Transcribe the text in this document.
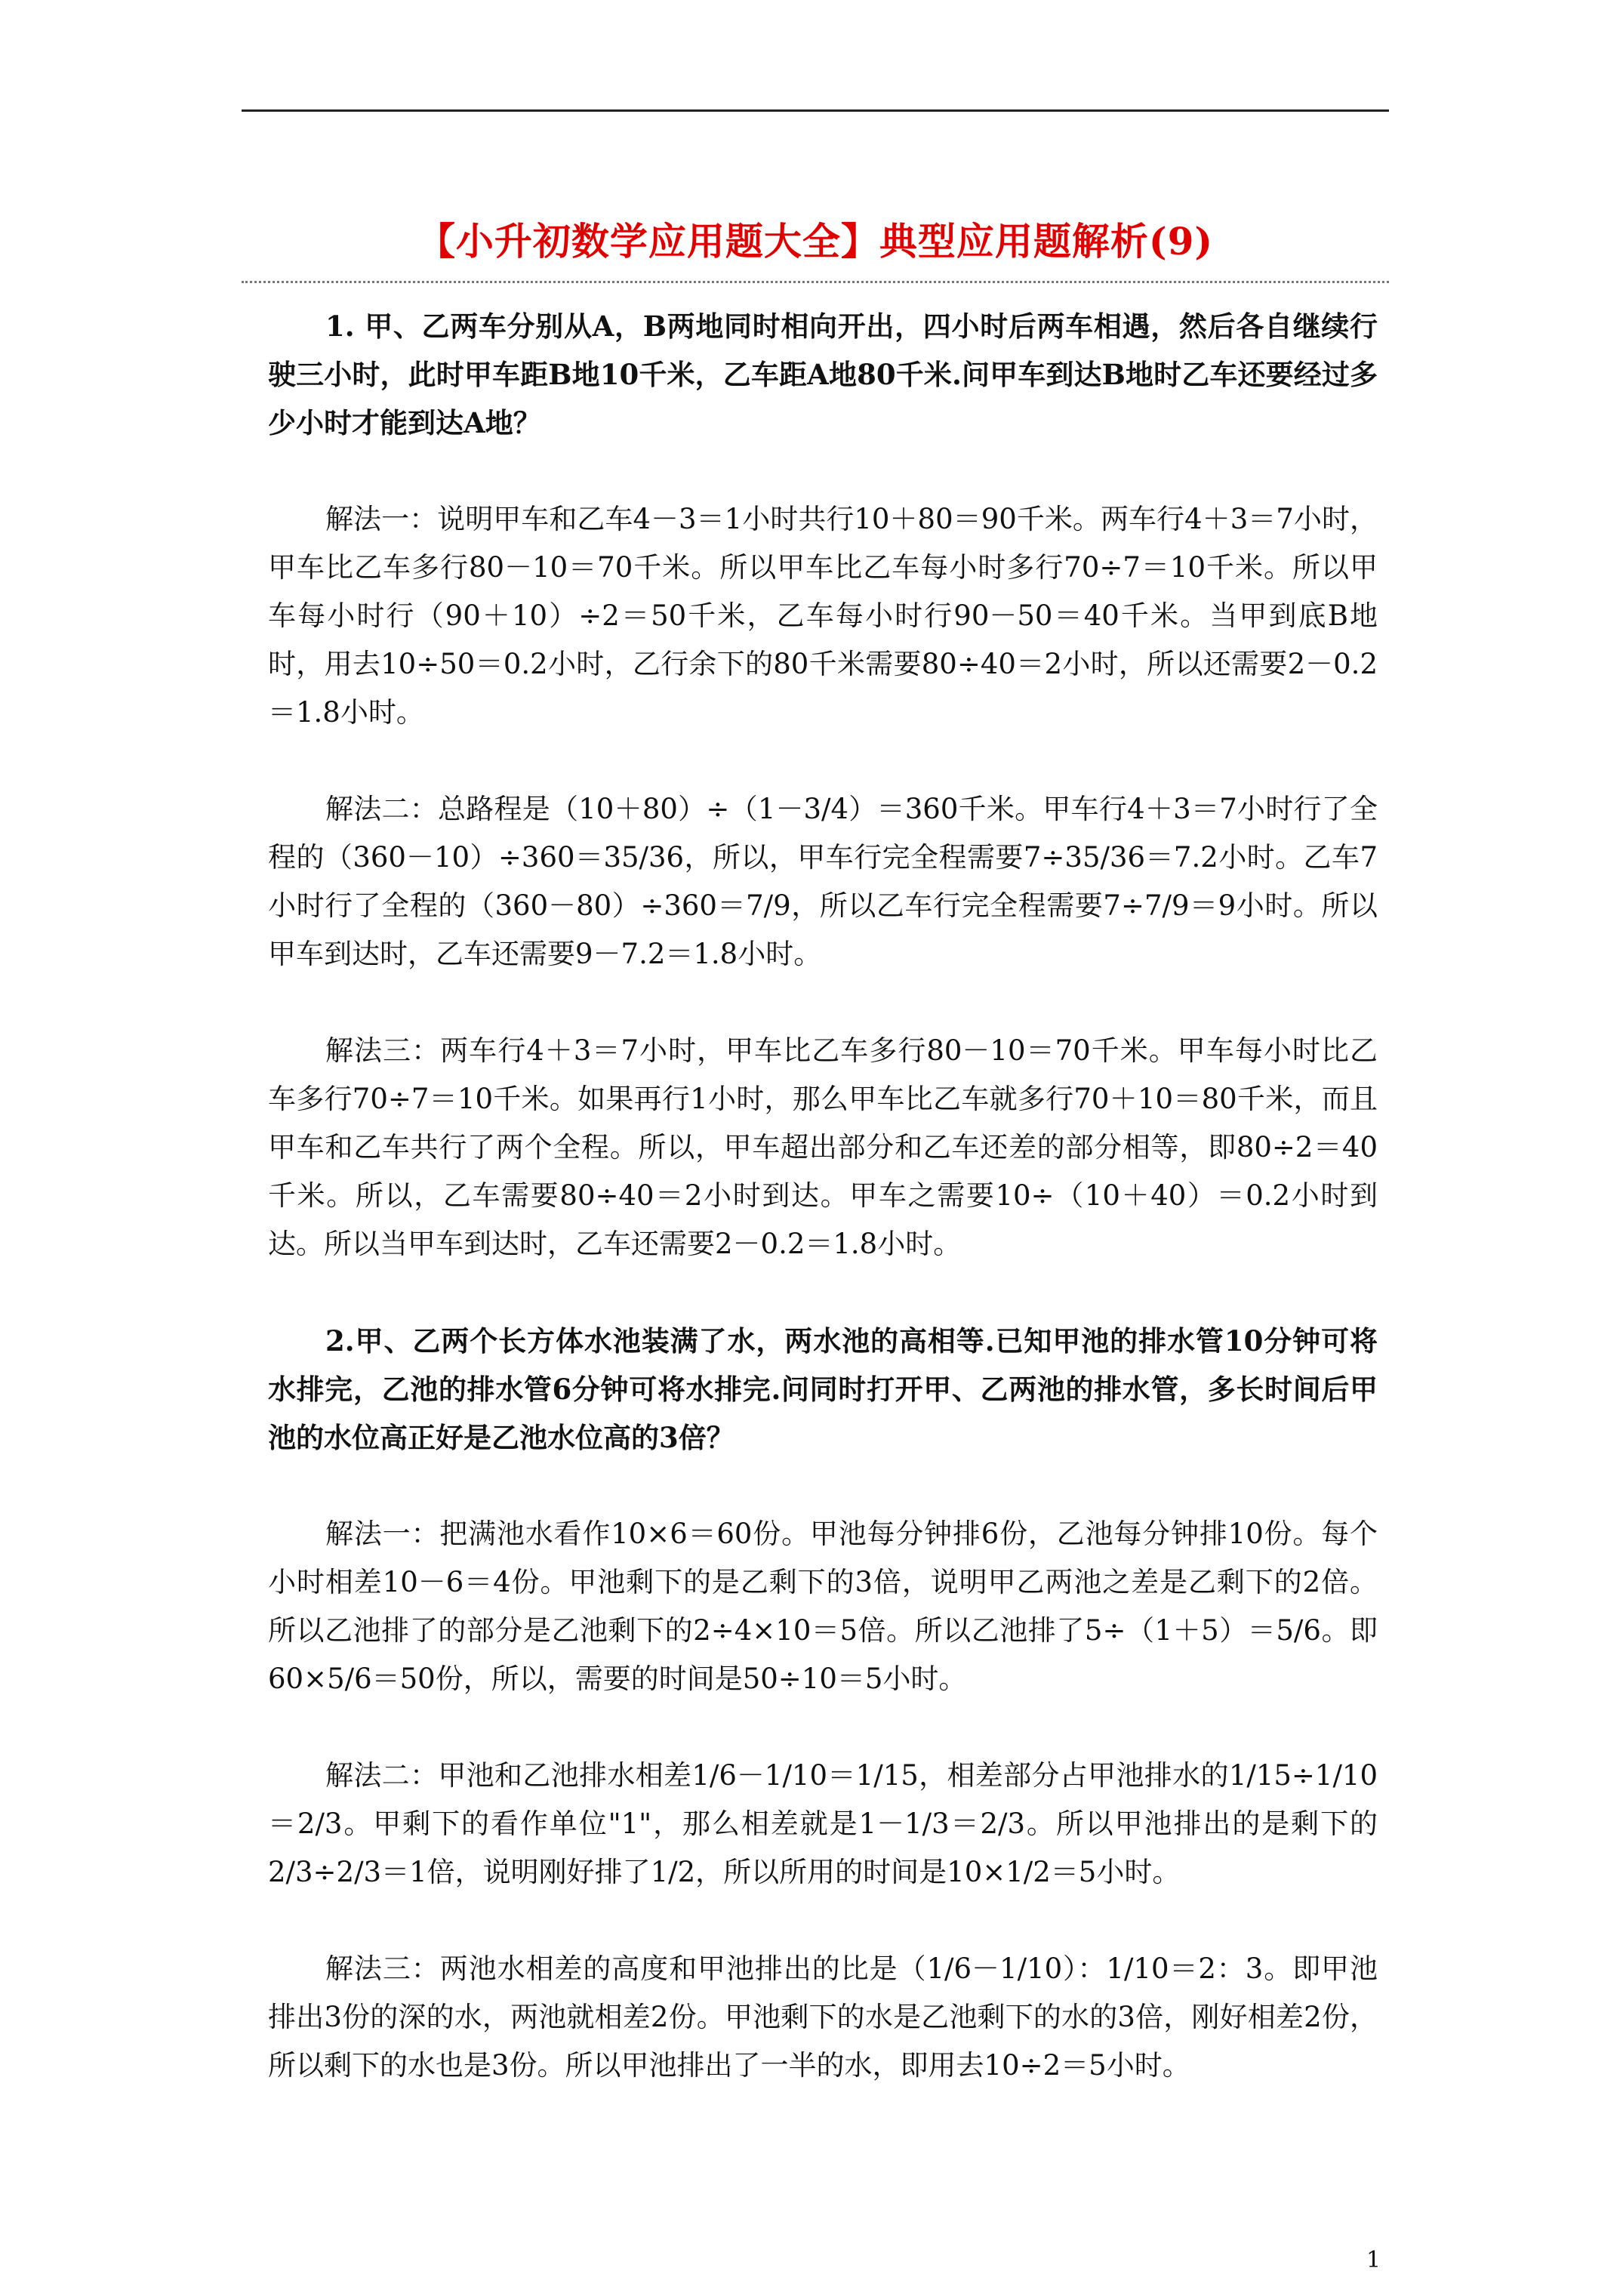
【小升初数学应用题大全】典型应用题解析(9)

1. 甲、乙两车分别从A，B两地同时相向开出，四小时后两车相遇，然后各自继续行驶三小时，此时甲车距B地10千米，乙车距A地80千米.问甲车到达B地时乙车还要经过多少小时才能到达A地？

解法一：说明甲车和乙车4－3＝1小时共行10＋80＝90千米。两车行4＋3＝7小时，甲车比乙车多行80－10＝70千米。所以甲车比乙车每小时多行70÷7＝10千米。所以甲车每小时行（90＋10）÷2＝50千米，乙车每小时行90－50＝40千米。当甲到底B地时，用去10÷50＝0.2小时，乙行余下的80千米需要80÷40＝2小时，所以还需要2－0.2＝1.8小时。

解法二：总路程是（10＋80）÷（1－3/4）＝360千米。甲车行4＋3＝7小时行了全程的（360－10）÷360＝35/36，所以，甲车行完全程需要7÷35/36＝7.2小时。乙车7小时行了全程的（360－80）÷360＝7/9，所以乙车行完全程需要7÷7/9＝9小时。所以甲车到达时，乙车还需要9－7.2＝1.8小时。

解法三：两车行4＋3＝7小时，甲车比乙车多行80－10＝70千米。甲车每小时比乙车多行70÷7＝10千米。如果再行1小时，那么甲车比乙车就多行70＋10＝80千米，而且甲车和乙车共行了两个全程。所以，甲车超出部分和乙车还差的部分相等，即80÷2＝40千米。所以，乙车需要80÷40＝2小时到达。甲车之需要10÷（10＋40）＝0.2小时到达。所以当甲车到达时，乙车还需要2－0.2＝1.8小时。

2.甲、乙两个长方体水池装满了水，两水池的高相等.已知甲池的排水管10分钟可将水排完，乙池的排水管6分钟可将水排完.问同时打开甲、乙两池的排水管，多长时间后甲池的水位高正好是乙池水位高的3倍？

解法一：把满池水看作10×6＝60份。甲池每分钟排6份，乙池每分钟排10份。每个小时相差10－6＝4份。甲池剩下的是乙剩下的3倍，说明甲乙两池之差是乙剩下的2倍。所以乙池排了的部分是乙池剩下的2÷4×10＝5倍。所以乙池排了5÷（1＋5）＝5/6。即60×5/6＝50份，所以，需要的时间是50÷10＝5小时。

解法二：甲池和乙池排水相差1/6－1/10＝1/15，相差部分占甲池排水的1/15÷1/10＝2/3。甲剩下的看作单位"1"，那么相差就是1－1/3＝2/3。所以甲池排出的是剩下的2/3÷2/3＝1倍，说明刚好排了1/2，所以所用的时间是10×1/2＝5小时。

解法三：两池水相差的高度和甲池排出的比是（1/6－1/10）：1/10＝2：3。即甲池排出3份的深的水，两池就相差2份。甲池剩下的水是乙池剩下的水的3倍，刚好相差2份，所以剩下的水也是3份。所以甲池排出了一半的水，即用去10÷2＝5小时。

1
